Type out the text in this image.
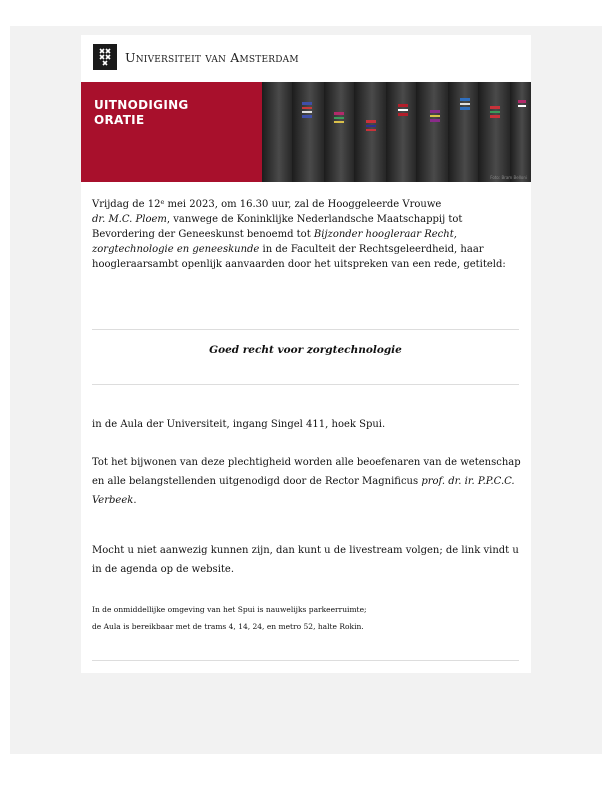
Universiteit van Amsterdam
UITNODIGING
ORATIE
Foto: Bram Belloni
Vrijdag de 12e mei 2023, om 16.30 uur, zal de Hooggeleerde Vrouwe
dr. M.C. Ploem, vanwege de Koninklijke Nederlandsche Maatschappij tot Bevordering der Geneeskunst benoemd tot Bijzonder hoogleraar Recht, zorgtechnologie en geneeskunde in de Faculteit der Rechtsgeleerdheid, haar hoogleraarsambt openlijk aanvaarden door het uitspreken van een rede, getiteld:
Goed recht voor zorgtechnologie
in de Aula der Universiteit, ingang Singel 411, hoek Spui.
Tot het bijwonen van deze plechtigheid worden alle beoefenaren van de wetenschap en alle belangstellenden uitgenodigd door de Rector Magnificus prof. dr. ir. P.P.C.C. Verbeek.
Mocht u niet aanwezig kunnen zijn, dan kunt u de livestream volgen; de link vindt u in de agenda op de website.
In de onmiddellijke omgeving van het Spui is nauwelijks parkeerruimte;
de Aula is bereikbaar met de trams 4, 14, 24, en metro 52, halte Rokin.
